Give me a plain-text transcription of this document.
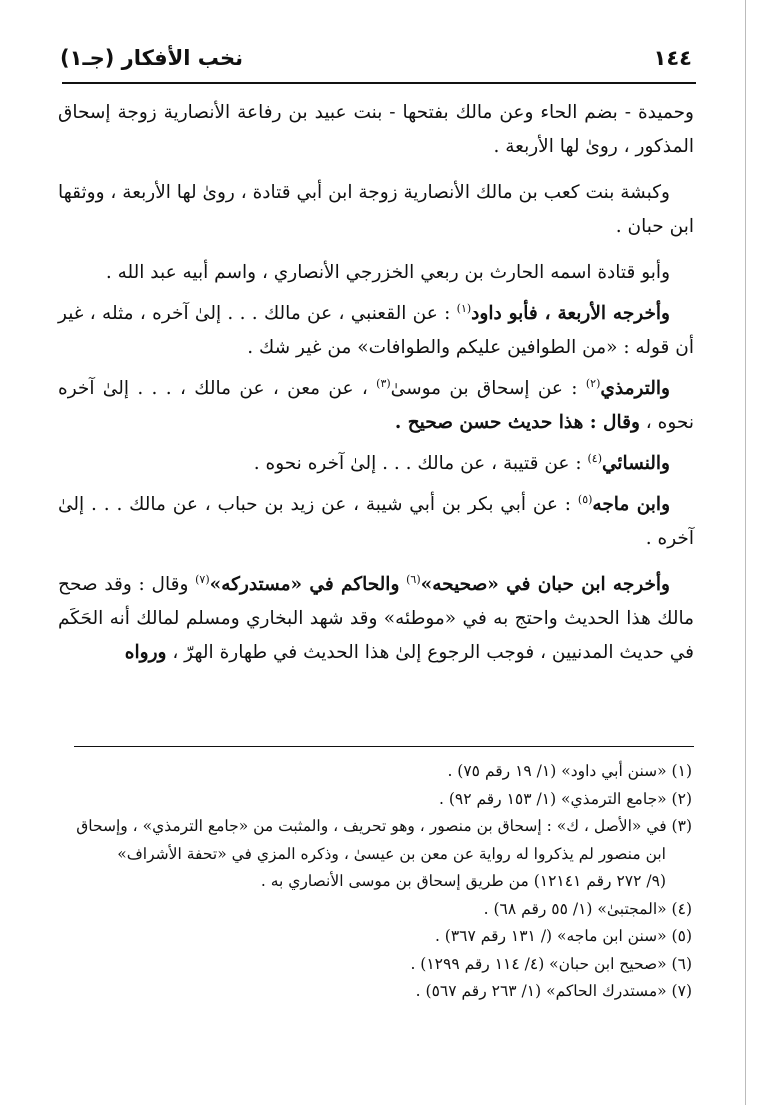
١٤٤
نخب الأفكار (جـ١)

وحميدة - بضم الحاء وعن مالك بفتحها - بنت عبيد بن رفاعة الأنصارية زوجة إسحاق المذكور ، روىٰ لها الأربعة .

وكبشة بنت كعب بن مالك الأنصارية زوجة ابن أبي قتادة ، روىٰ لها الأربعة ، ووثقها ابن حبان .

وأبو قتادة اسمه الحارث بن ربعي الخزرجي الأنصاري ، واسم أبيه عبد الله .

وأخرجه الأربعة ، فأبو داود$^{(١)}$ : عن القعنبي ، عن مالك . . . إلىٰ آخره ، مثله ، غير أن قوله : «من الطوافين عليكم والطوافات» من غير شك .

والترمذي$^{(٢)}$ : عن إسحاق بن موسىٰ$^{(٣)}$ ، عن معن ، عن مالك ، . . . إلىٰ آخره نحوه ، وقال : هذا حديث حسن صحيح .

والنسائي$^{(٤)}$ : عن قتيبة ، عن مالك . . . إلىٰ آخره نحوه .

وابن ماجه$^{(٥)}$ : عن أبي بكر بن أبي شيبة ، عن زيد بن حباب ، عن مالك . . . إلىٰ آخره .

وأخرجه ابن حبان في «صحيحه»$^{(٦)}$ والحاكم في «مستدركه»$^{(٧)}$ وقال : وقد صحح مالك هذا الحديث واحتج به في «موطئه» وقد شهد البخاري ومسلم لمالك أنه الحَكَم في حديث المدنيين ، فوجب الرجوع إلىٰ هذا الحديث في طهارة الهرّ ، ورواه

(١) «سنن أبي داود» (١/ ١٩ رقم ٧٥) .

(٢) «جامع الترمذي» (١/ ١٥٣ رقم ٩٢) .

(٣) في «الأصل ، ك» : إسحاق بن منصور ، وهو تحريف ، والمثبت من «جامع الترمذي» ، وإسحاق

ابن منصور لم يذكروا له رواية عن معن بن عيسىٰ ، وذكره المزي في «تحفة الأشراف»

(٩/ ٢٧٢ رقم ١٢١٤١) من طريق إسحاق بن موسى الأنصاري به .

(٤) «المجتبىٰ» (١/ ٥٥ رقم ٦٨) .

(٥) «سنن ابن ماجه» (/ ١٣١ رقم ٣٦٧) .

(٦) «صحيح ابن حبان» (٤/ ١١٤ رقم ١٢٩٩) .

(٧) «مستدرك الحاكم» (١/ ٢٦٣ رقم ٥٦٧) .
